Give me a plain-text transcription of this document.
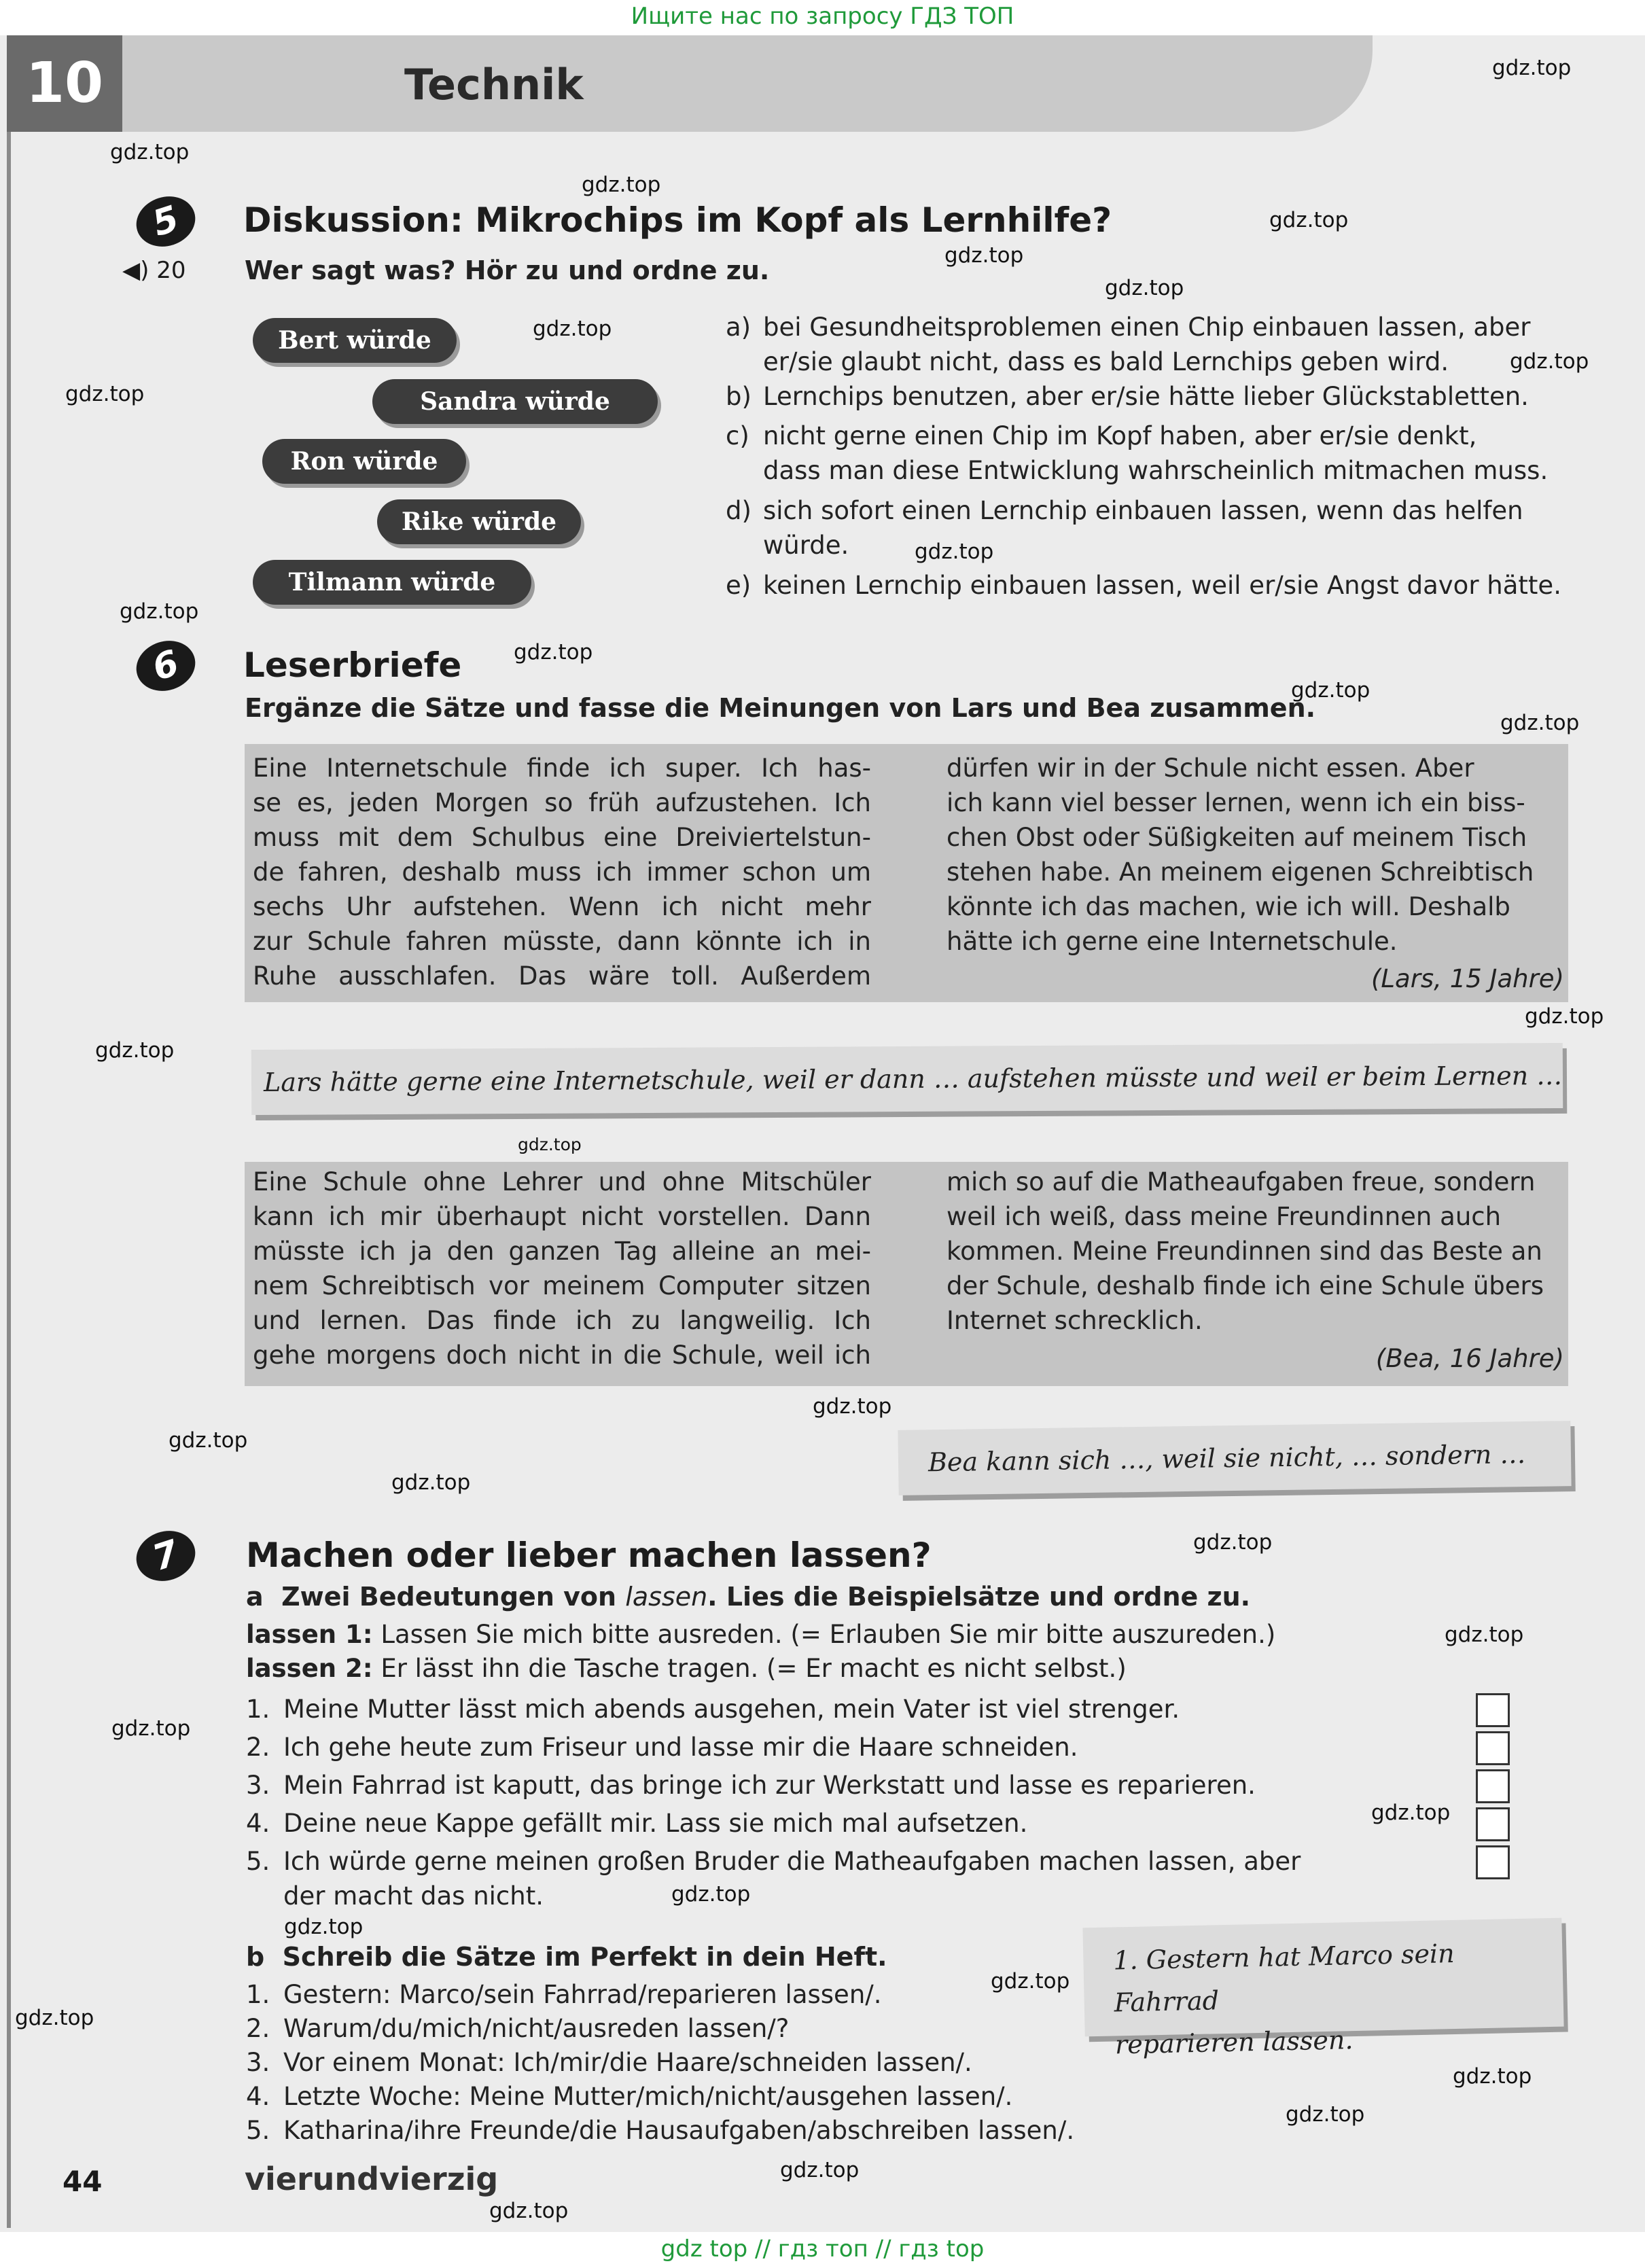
Ищите нас по запросу ГДЗ ТОП
gdz top // гдз топ // гдз top
10	Technik
5	Diskussion: Mikrochips im Kopf als Lernhilfe?
◀) 20 Wer sagt was? Hör zu und ordne zu.
Bert würde
Sandra würde
Ron würde
Rike würde
Tilmann würde
a) bei Gesundheitsproblemen einen Chip einbauen lassen, aber
er/sie glaubt nicht, dass es bald Lernchips geben wird.
b) Lernchips benutzen, aber er/sie hätte lieber Glückstabletten.
c) nicht gerne einen Chip im Kopf haben, aber er/sie denkt,
dass man diese Entwicklung wahrscheinlich mitmachen muss.
d) sich sofort einen Lernchip einbauen lassen, wenn das helfen
würde.
e) keinen Lernchip einbauen lassen, weil er/sie Angst davor hätte.
6	Leserbriefe
Ergänze die Sätze und fasse die Meinungen von Lars und Bea zusammen.
Eine Internetschule finde ich super. Ich has-
se es, jeden Morgen so früh aufzustehen. Ich
muss mit dem Schulbus eine Dreiviertelstun-
de fahren, deshalb muss ich immer schon um
sechs Uhr aufstehen. Wenn ich nicht mehr
zur Schule fahren müsste, dann könnte ich in
Ruhe ausschlafen. Das wäre toll. Außerdem
dürfen wir in der Schule nicht essen. Aber
ich kann viel besser lernen, wenn ich ein biss-
chen Obst oder Süßigkeiten auf meinem Tisch
stehen habe. An meinem eigenen Schreibtisch
könnte ich das machen, wie ich will. Deshalb
hätte ich gerne eine Internetschule.
(Lars, 15 Jahre)
Lars hätte gerne eine Internetschule, weil er dann … aufstehen müsste und weil er beim Lernen …
Eine Schule ohne Lehrer und ohne Mitschüler
kann ich mir überhaupt nicht vorstellen. Dann
müsste ich ja den ganzen Tag alleine an mei-
nem Schreibtisch vor meinem Computer sitzen
und lernen. Das finde ich zu langweilig. Ich
gehe morgens doch nicht in die Schule, weil ich
mich so auf die Matheaufgaben freue, sondern
weil ich weiß, dass meine Freundinnen auch
kommen. Meine Freundinnen sind das Beste an
der Schule, deshalb finde ich eine Schule übers
Internet schrecklich.
(Bea, 16 Jahre)
Bea kann sich …, weil sie nicht, … sondern …
7	Machen oder lieber machen lassen?
a Zwei Bedeutungen von lassen. Lies die Beispielsätze und ordne zu.
lassen 1: Lassen Sie mich bitte ausreden. (= Erlauben Sie mir bitte auszureden.)
lassen 2: Er lässt ihn die Tasche tragen. (= Er macht es nicht selbst.)
1. Meine Mutter lässt mich abends ausgehen, mein Vater ist viel strenger.
2. Ich gehe heute zum Friseur und lasse mir die Haare schneiden.
3. Mein Fahrrad ist kaputt, das bringe ich zur Werkstatt und lasse es reparieren.
4. Deine neue Kappe gefällt mir. Lass sie mich mal aufsetzen.
5. Ich würde gerne meinen großen Bruder die Matheaufgaben machen lassen, aber
der macht das nicht.
b Schreib die Sätze im Perfekt in dein Heft.
1. Gestern: Marco/sein Fahrrad/reparieren lassen/.
2. Warum/du/mich/nicht/ausreden lassen/?
3. Vor einem Monat: Ich/mir/die Haare/schneiden lassen/.
4. Letzte Woche: Meine Mutter/mich/nicht/ausgehen lassen/.
5. Katharina/ihre Freunde/die Hausaufgaben/abschreiben lassen/.
1. Gestern hat Marco sein Fahrrad
reparieren lassen.
44	vierundvierzig
gdz.top
gdz.top
gdz.top
gdz.top
gdz.top
gdz.top
gdz.top
gdz.top
gdz.top
gdz.top
gdz.top
gdz.top
gdz.top
gdz.top
gdz.top
gdz.top
gdz.top
gdz.top
gdz.top
gdz.top
gdz.top
gdz.top
gdz.top
gdz.top
gdz.top
gdz.top
gdz.top
gdz.top
gdz.top
gdz.top
gdz.top
gdz.top
